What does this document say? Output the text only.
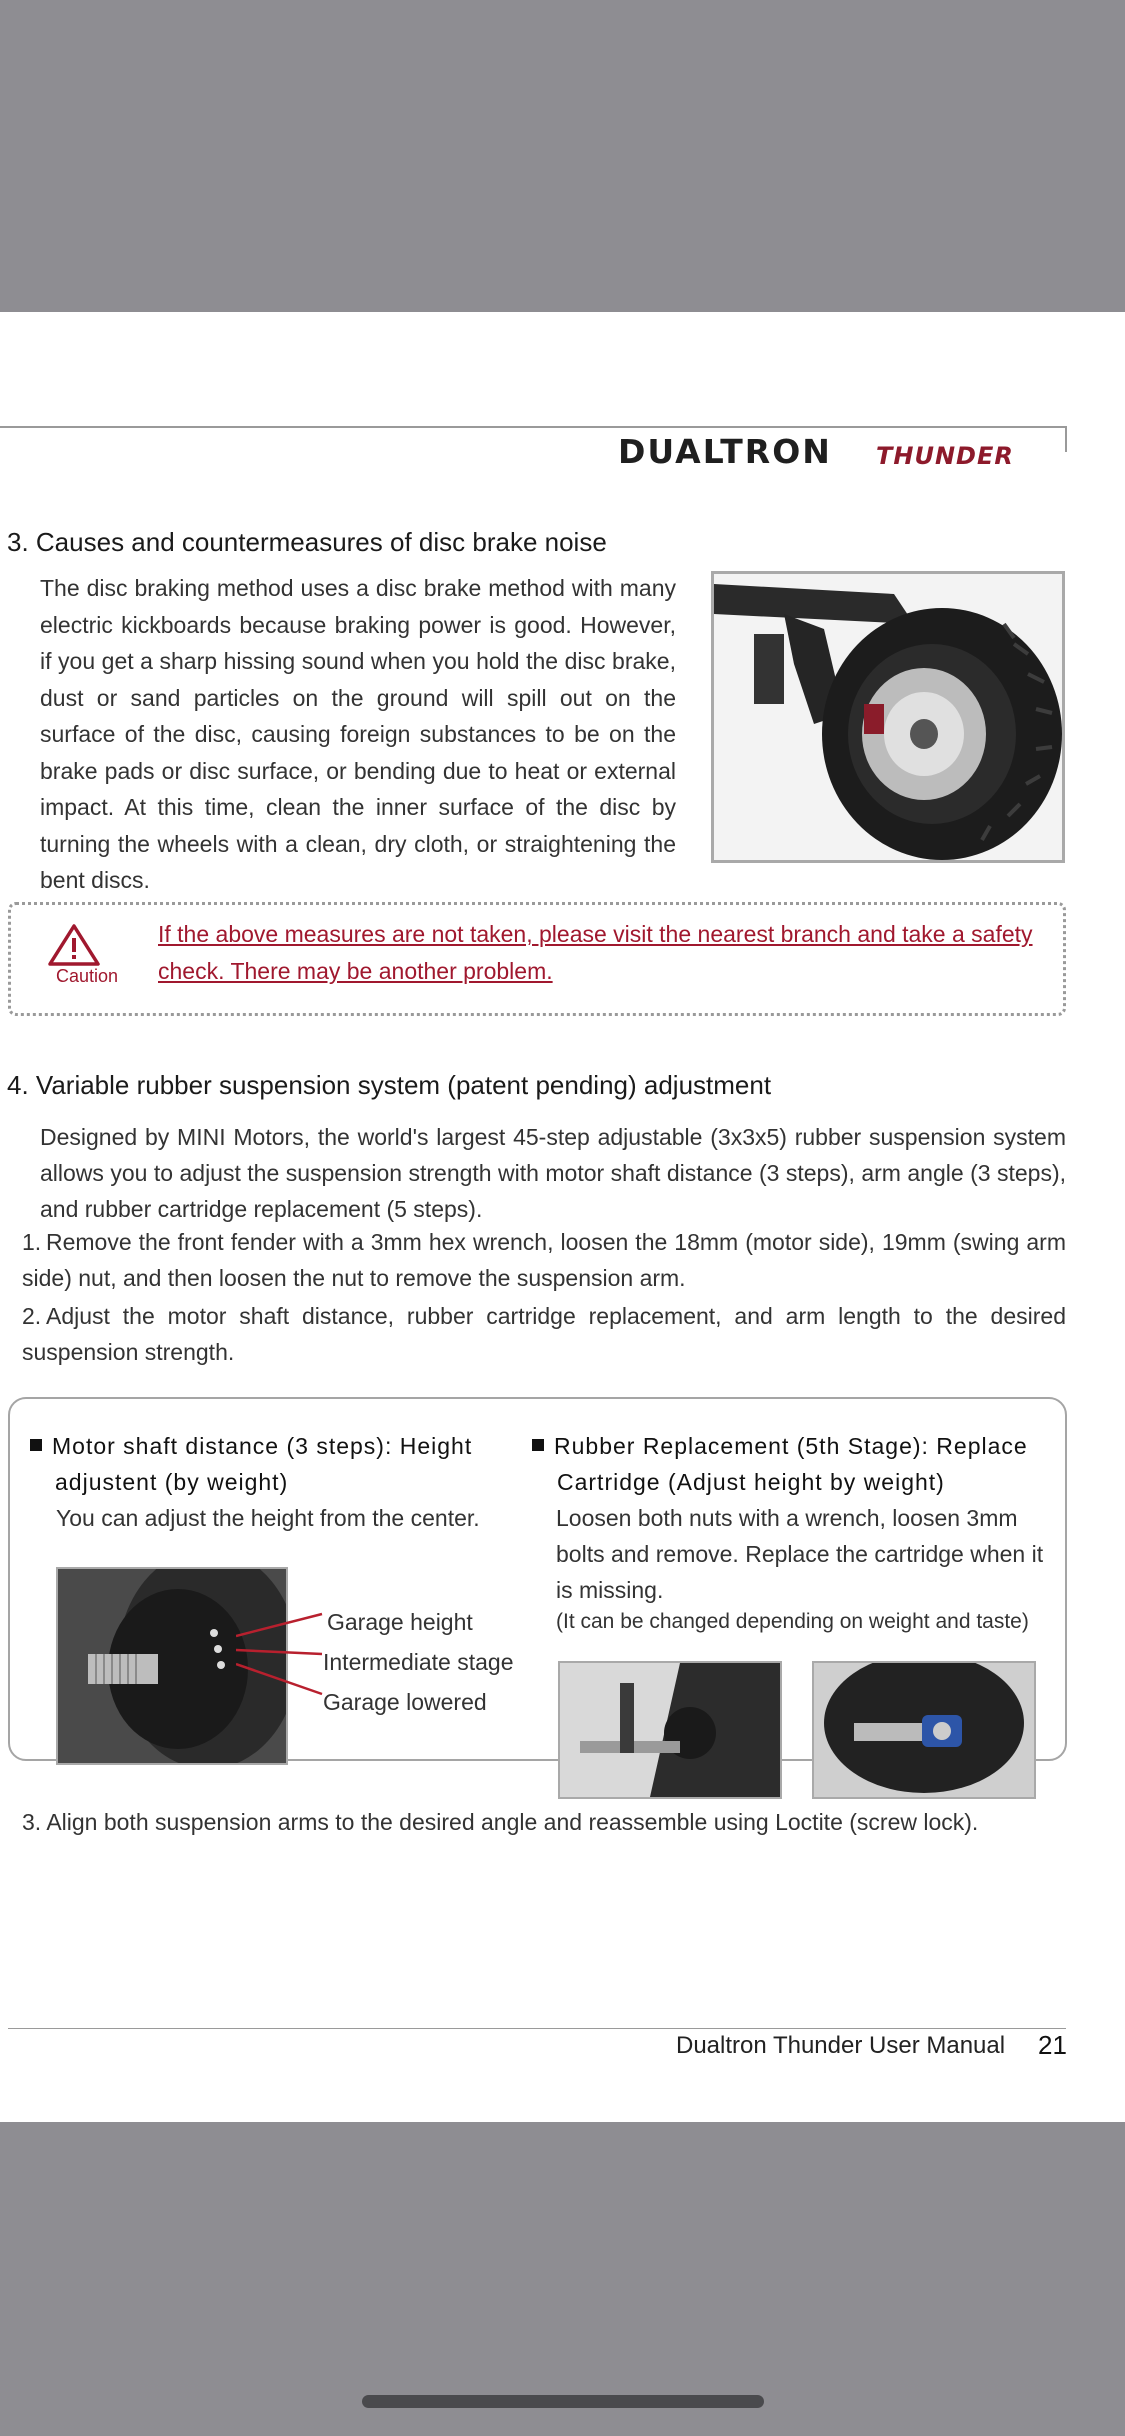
DUALTRON THUNDER
3. Causes and countermeasures of disc brake noise
The disc braking method uses a disc brake method with many electric kickboards because braking power is good. However, if you get a sharp hissing sound when you hold the disc brake, dust or sand particles on the ground will spill out on the surface of the disc, causing foreign substances to be on the brake pads or disc surface, or bending due to heat or external impact. At this time, clean the inner surface of the disc by turning the wheels with a clean, dry cloth, or straightening the bent discs.
Caution
If the above measures are not taken, please visit the nearest branch and take a safety check. There may be another problem.
4. Variable rubber suspension system (patent pending) adjustment
Designed by MINI Motors, the world's largest 45-step adjustable (3x3x5) rubber suspension system allows you to adjust the suspension strength with motor shaft distance (3 steps), arm angle (3 steps), and rubber cartridge replacement (5 steps).
1. Remove the front fender with a 3mm hex wrench, loosen the 18mm (motor side), 19mm (swing arm side) nut, and then loosen the nut to remove the suspension arm.
2. Adjust the motor shaft distance, rubber cartridge replacement, and arm length to the desired suspension strength.
Motor shaft distance (3 steps): Height
adjustent (by weight)
You can adjust the height from the center.
Garage height
Intermediate stage
Garage lowered
Rubber Replacement (5th Stage): Replace
Cartridge (Adjust height by weight)
Loosen both nuts with a wrench, loosen 3mm bolts and remove. Replace the cartridge when it is missing.
(It can be changed depending on weight and taste)
3. Align both suspension arms to the desired angle and reassemble using Loctite (screw lock).
Dualtron Thunder User Manual 21
